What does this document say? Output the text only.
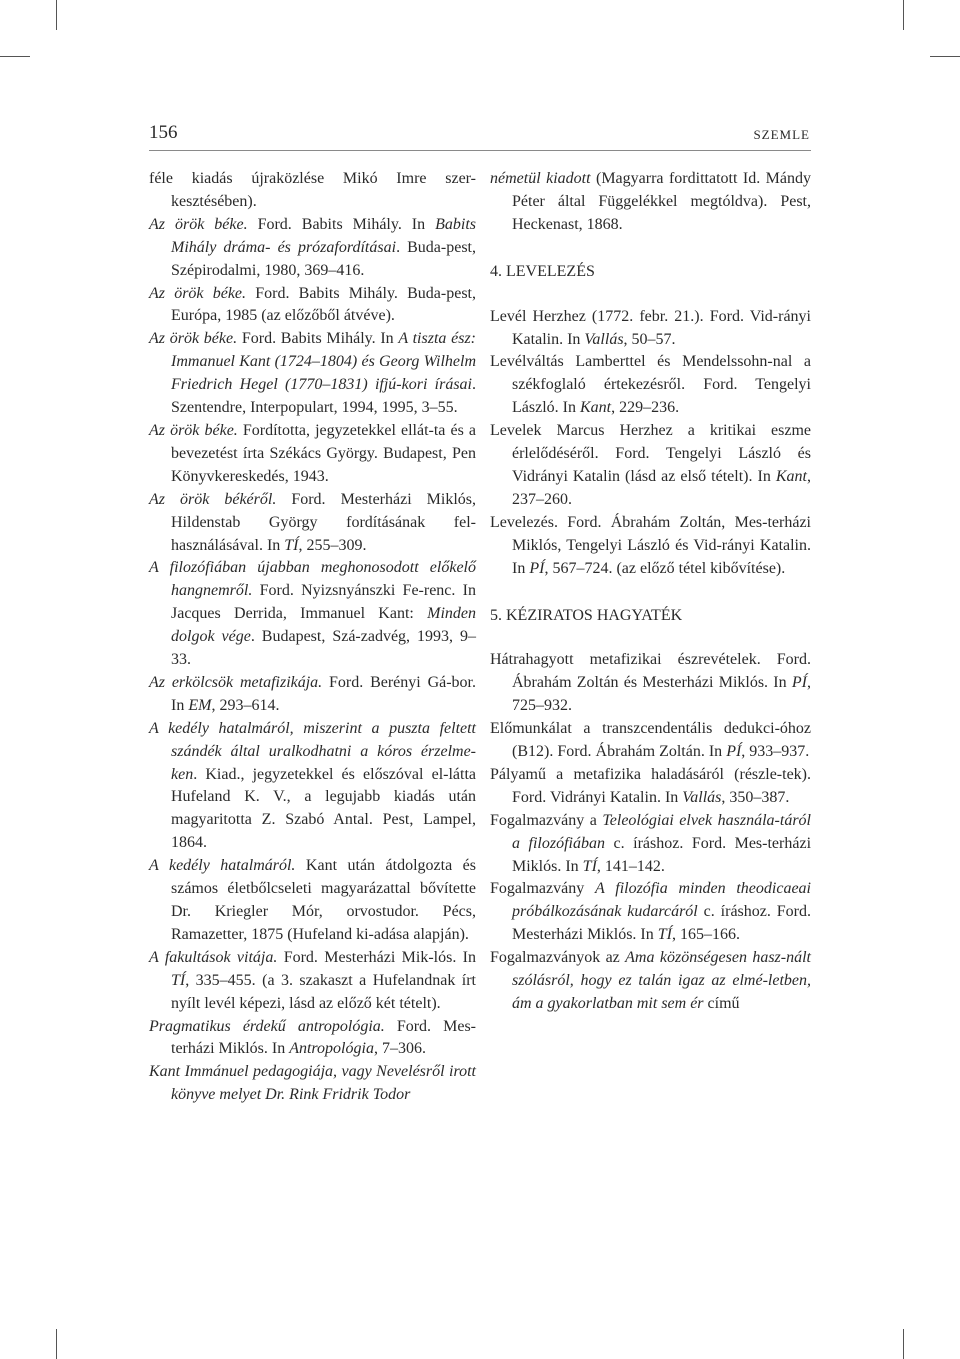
156	SZEMLE
féle kiadás újraközlése Mikó Imre szer-kesztésében).
Az örök béke. Ford. Babits Mihály. In Babits Mihály dráma- és prózafordításai. Buda-pest, Szépirodalmi, 1980, 369–416.
Az örök béke. Ford. Babits Mihály. Buda-pest, Európa, 1985 (az előzőből átvéve).
Az örök béke. Ford. Babits Mihály. In A tiszta ész: Immanuel Kant (1724–1804) és Georg Wilhelm Friedrich Hegel (1770–1831) ifjú-kori írásai. Szentendre, Interpopulart, 1994, 1995, 3–55.
Az örök béke. Fordította, jegyzetekkel ellát-ta és a bevezetést írta Székács György. Budapest, Pen Könyvkereskedés, 1943.
Az örök békéről. Ford. Mesterházi Miklós, Hildenstab György fordításának fel-használásával. In TÍ, 255–309.
A filozófiában újabban meghonosodott előkelő hangnemről. Ford. Nyizsnyánszki Fe-renc. In Jacques Derrida, Immanuel Kant: Minden dolgok vége. Budapest, Szá-zadvég, 1993, 9–33.
Az erkölcsök metafizikája. Ford. Berényi Gá-bor. In EM, 293–614.
A kedély hatalmáról, miszerint a puszta feltett szándék által uralkodhatni a kóros érzelme-ken. Kiad., jegyzetekkel és előszóval el-látta Hufeland K. V., a legujabb kiadás után magyaritotta Z. Szabó Antal. Pest, Lampel, 1864.
A kedély hatalmáról. Kant után átdolgozta és számos életbőlcseleti magyarázattal bővítette Dr. Kriegler Mór, orvostudor. Pécs, Ramazetter, 1875 (Hufeland ki-adása alapján).
A fakultások vitája. Ford. Mesterházi Mik-lós. In TÍ, 335–455. (a 3. szakaszt a Hufelandnak írt nyílt levél képezi, lásd az előző két tételt).
Pragmatikus érdekű antropológia. Ford. Mes-terházi Miklós. In Antropológia, 7–306.
Kant Immánuel pedagogiája, vagy Nevelésről irott könyve melyet Dr. Rink Fridrik Todor
németül kiadott (Magyarra fordittatott Id. Mándy Péter által Függelékkel megtóldva). Pest, Heckenast, 1868.
4. LEVELEZÉS
Levél Herzhez (1772. febr. 21.). Ford. Vid-rányi Katalin. In Vallás, 50–57.
Levélváltás Lamberttel és Mendelssohn-nal a székfoglaló értekezésről. Ford. Tengelyi László. In Kant, 229–236.
Levelek Marcus Herzhez a kritikai eszme érlelődéséről. Ford. Tengelyi László és Vidrányi Katalin (lásd az első tételt). In Kant, 237–260.
Levelezés. Ford. Ábrahám Zoltán, Mes-terházi Miklós, Tengelyi László és Vid-rányi Katalin. In PÍ, 567–724. (az előző tétel kibővítése).
5. KÉZIRATOS HAGYATÉK
Hátrahagyott metafizikai észrevételek. Ford. Ábrahám Zoltán és Mesterházi Miklós. In PÍ, 725–932.
Előmunkálat a transzcendentális dedukci-óhoz (B12). Ford. Ábrahám Zoltán. In PÍ, 933–937.
Pályamű a metafizika haladásáról (részle-tek). Ford. Vidrányi Katalin. In Vallás, 350–387.
Fogalmazvány a Teleológiai elvek használa-táról a filozófiában c. íráshoz. Ford. Mes-terházi Miklós. In TÍ, 141–142.
Fogalmazvány A filozófia minden theodicaeai próbálkozásának kudarcáról c. íráshoz. Ford. Mesterházi Miklós. In TÍ, 165–166.
Fogalmazványok az Ama közönségesen hasz-nált szólásról, hogy ez talán igaz az elmé-letben, ám a gyakorlatban mit sem ér című
